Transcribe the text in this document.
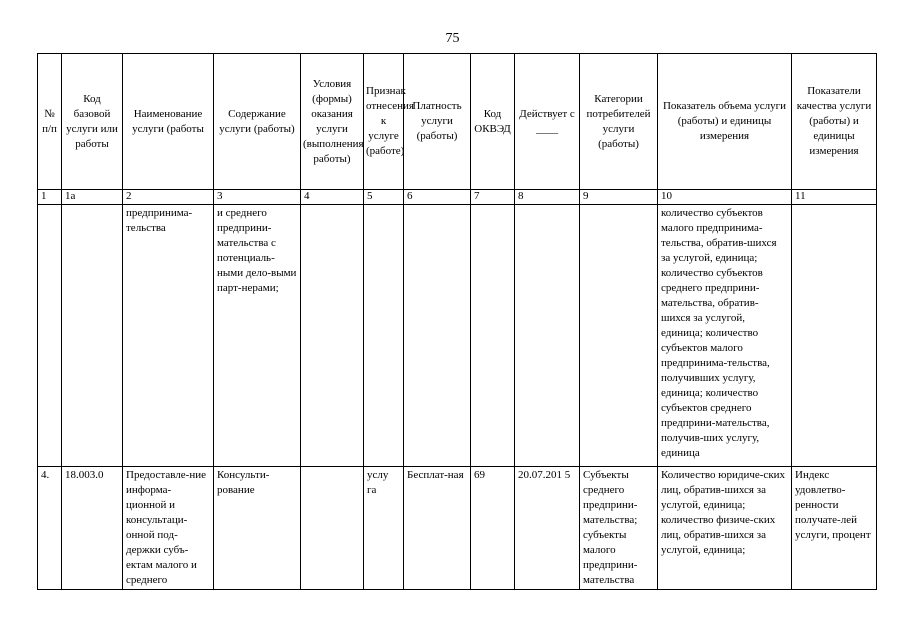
75
№ п/п	Код базовой услуги или работы	Наименование услуги (работы	Содержание услуги (работы)	Условия (формы) оказания услуги (выполнения работы)	Признак отнесения к услуге (работе)	Платность услуги (работы)	Код ОКВЭД	Действует с ____	Категории потребителей услуги (работы)	Показатель объема услуги (работы) и единицы измерения	Показатели качества услуги (работы) и единицы измерения
1	1а	2	3	4	5	6	7	8	9	10	11
		предпринима-тельства	и среднего предприни-мательства с потенциаль-ными дело-выми парт-нерами;							количество субъектов малого предпринима-тельства, обратив-шихся за услугой, единица; количество субъектов среднего предприни-мательства, обратив-шихся за услугой, единица; количество субъектов малого предпринима-тельства, получивших услугу, единица; количество субъектов среднего предприни-мательства, получив-ших услугу, единица	
4.	18.003.0	Предоставле-ние информа-ционной и консультаци-онной под-держки субъ-ектам малого и среднего	Консульти-рование		услу га	Бесплат-ная	69	20.07.201 5	Субъекты среднего предприни-мательства; субъекты малого предприни-мательства	Количество юридиче-ских лиц, обратив-шихся за услугой, единица; количество физиче-ских лиц, обратив-шихся за услугой, единица;	Индекс удовлетво-ренности получате-лей услуги, процент
